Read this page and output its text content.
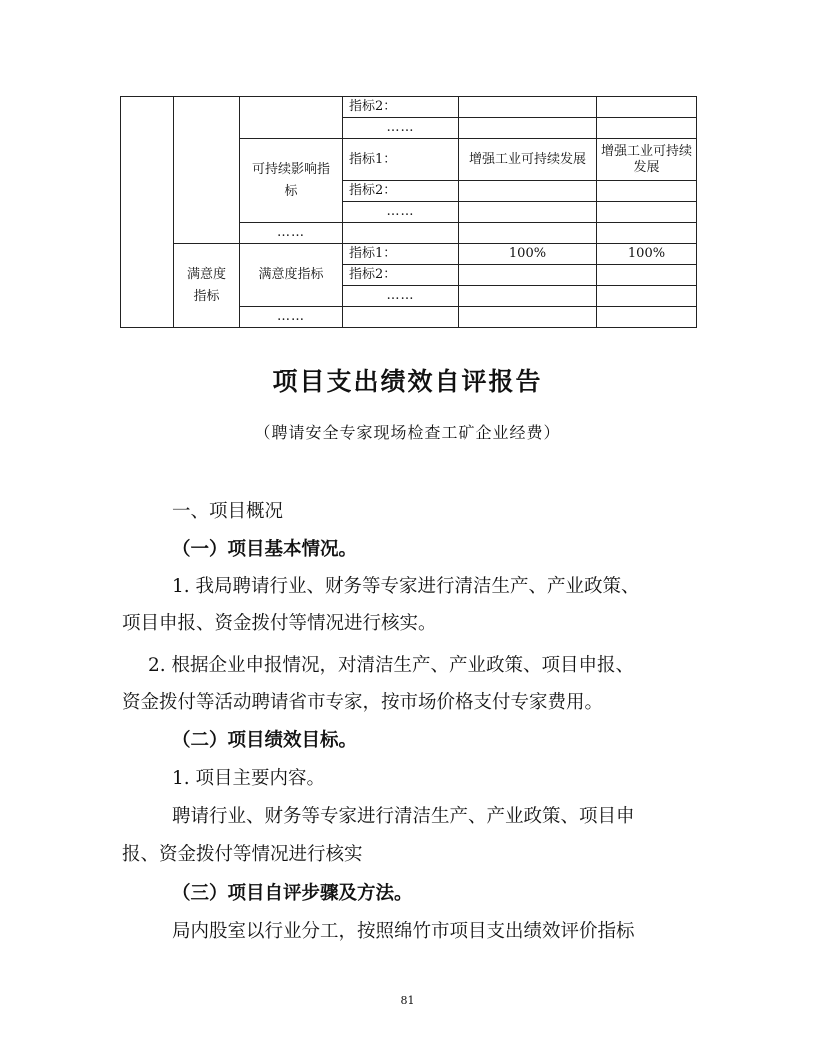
			指标2：		
			……		
		可持续影响指标	指标1：	增强工业可持续发展	增强工业可持续发展
			指标2：		
			……		
		……			
	满意度指标	满意度指标	指标1：	100%	100%
			指标2：		
			……		
		……			
项目支出绩效自评报告
（聘请安全专家现场检查工矿企业经费）
一、项目概况
（一）项目基本情况。
1. 我局聘请行业、财务等专家进行清洁生产、产业政策、
项目申报、资金拨付等情况进行核实。
2. 根据企业申报情况，对清洁生产、产业政策、项目申报、
资金拨付等活动聘请省市专家，按市场价格支付专家费用。
（二）项目绩效目标。
1. 项目主要内容。
聘请行业、财务等专家进行清洁生产、产业政策、项目申
报、资金拨付等情况进行核实
（三）项目自评步骤及方法。
局内股室以行业分工，按照绵竹市项目支出绩效评价指标
81
